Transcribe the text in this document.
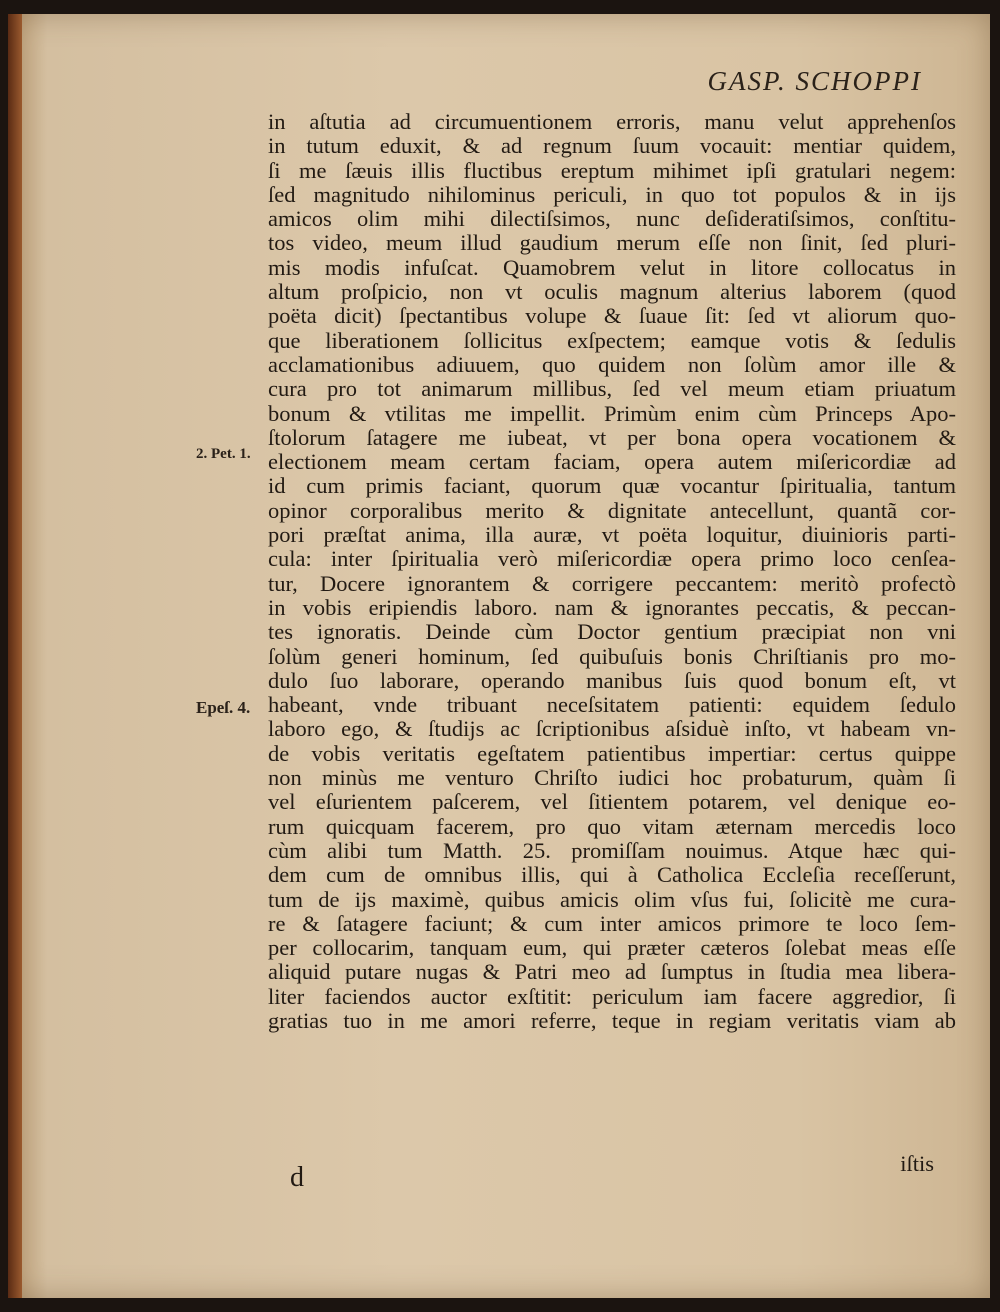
GASP. SCHOPPI
2. Pet. 1.
Epeſ. 4.
in aſtutia ad circumuentionem erroris, manu velut apprehenſos
in tutum eduxit, & ad regnum ſuum vocauit: mentiar quidem,
ſi me ſæuis illis fluctibus ereptum mihimet ipſi gratulari negem:
ſed magnitudo nihilominus periculi, in quo tot populos & in ijs
amicos olim mihi dilectiſsimos, nunc deſideratiſsimos, conſtitu-
tos video, meum illud gaudium merum eſſe non ſinit, ſed pluri-
mis modis infuſcat. Quamobrem velut in litore collocatus in
altum proſpicio, non vt oculis magnum alterius laborem (quod
poëta dicit) ſpectantibus volupe & ſuaue ſit: ſed vt aliorum quo-
que liberationem ſollicitus exſpectem; eamque votis & ſedulis
acclamationibus adiuuem, quo quidem non ſolùm amor ille &
cura pro tot animarum millibus, ſed vel meum etiam priuatum
bonum & vtilitas me impellit. Primùm enim cùm Princeps Apo-
ſtolorum ſatagere me iubeat, vt per bona opera vocationem &
electionem meam certam faciam, opera autem miſericordiæ ad
id cum primis faciant, quorum quæ vocantur ſpiritualia, tantum
opinor corporalibus merito & dignitate antecellunt, quantã cor-
pori præſtat anima, illa auræ, vt poëta loquitur, diuinioris parti-
cula: inter ſpiritualia verò miſericordiæ opera primo loco cenſea-
tur, Docere ignorantem & corrigere peccantem: meritò profectò
in vobis eripiendis laboro. nam & ignorantes peccatis, & peccan-
tes ignoratis. Deinde cùm Doctor gentium præcipiat non vni
ſolùm generi hominum, ſed quibuſuis bonis Chriſtianis pro mo-
dulo ſuo laborare, operando manibus ſuis quod bonum eſt, vt
habeant, vnde tribuant neceſsitatem patienti: equidem ſedulo
laboro ego, & ſtudijs ac ſcriptionibus aſsiduè inſto, vt habeam vn-
de vobis veritatis egeſtatem patientibus impertiar: certus quippe
non minùs me venturo Chriſto iudici hoc probaturum, quàm ſi
vel eſurientem paſcerem, vel ſitientem potarem, vel denique eo-
rum quicquam facerem, pro quo vitam æternam mercedis loco
cùm alibi tum Matth. 25. promiſſam nouimus. Atque hæc qui-
dem cum de omnibus illis, qui à Catholica Eccleſia receſſerunt,
tum de ijs maximè, quibus amicis olim vſus fui, ſolicitè me cura-
re & ſatagere faciunt; & cum inter amicos primore te loco ſem-
per collocarim, tanquam eum, qui præter cæteros ſolebat meas eſſe
aliquid putare nugas & Patri meo ad ſumptus in ſtudia mea libera-
liter faciendos auctor exſtitit: periculum iam facere aggredior, ſi
gratias tuo in me amori referre, teque in regiam veritatis viam ab
d	iſtis
